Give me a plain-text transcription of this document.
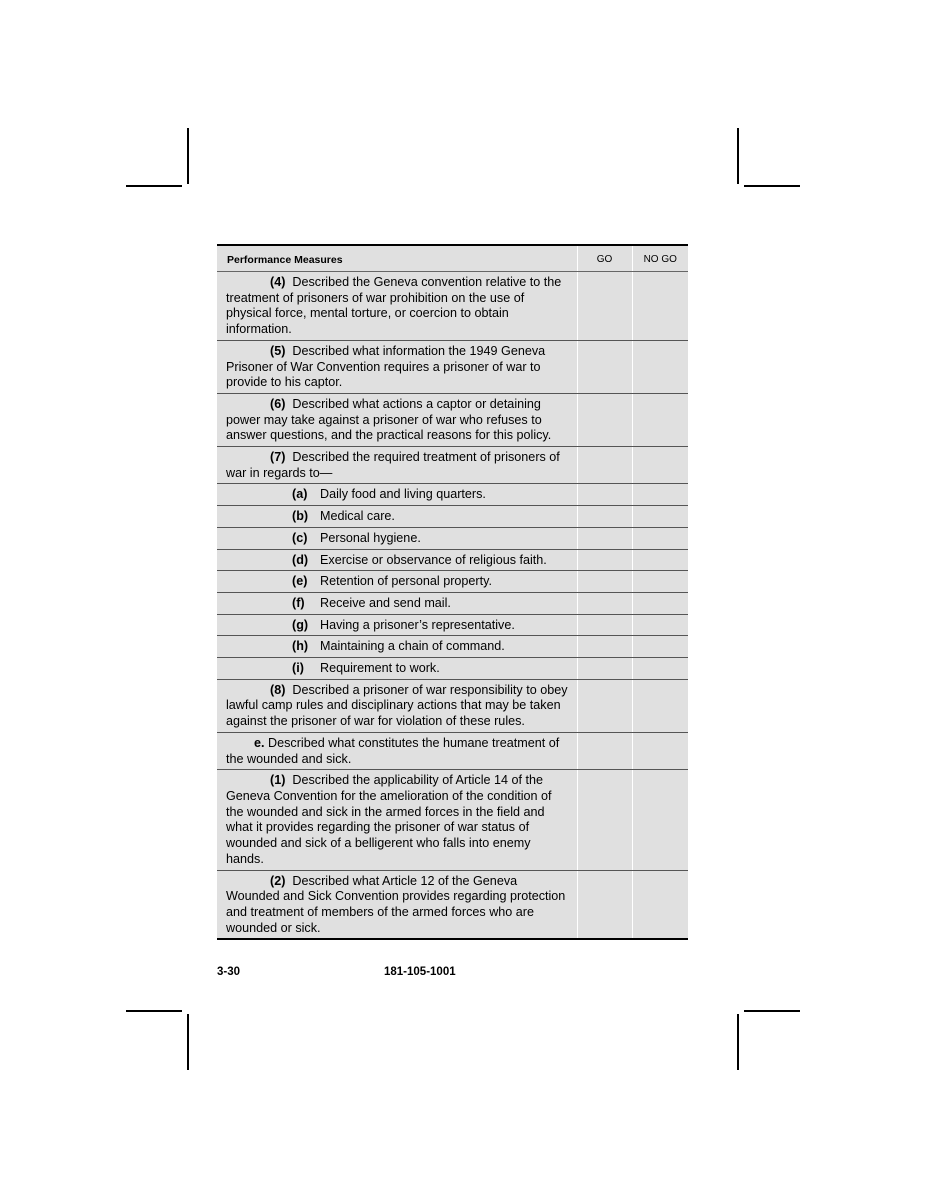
Performance Measures	GO	NO GO
(4) Described the Geneva convention relative to the treatment of prisoners of war prohibition on the use of physical force, mental torture, or coercion to obtain information.		
(5) Described what information the 1949 Geneva Prisoner of War Convention requires a prisoner of war to provide to his captor.		
(6) Described what actions a captor or detaining power may take against a prisoner of war who refuses to answer questions, and the practical reasons for this policy.		
(7) Described the required treatment of prisoners of war in regards to—		
(a) Daily food and living quarters.		
(b) Medical care.		
(c) Personal hygiene.		
(d) Exercise or observance of religious faith.		
(e) Retention of personal property.		
(f) Receive and send mail.		
(g) Having a prisoner’s representative.		
(h) Maintaining a chain of command.		
(i) Requirement to work.		
(8) Described a prisoner of war responsibility to obey lawful camp rules and disciplinary actions that may be taken against the prisoner of war for violation of these rules.		
e. Described what constitutes the humane treatment of the wounded and sick.		
(1) Described the applicability of Article 14 of the Geneva Convention for the amelioration of the condition of the wounded and sick in the armed forces in the field and what it provides regarding the prisoner of war status of wounded and sick of a belligerent who falls into enemy hands.		
(2) Described what Article 12 of the Geneva Wounded and Sick Convention provides regarding protection and treatment of members of the armed forces who are wounded or sick.		
3-30	181-105-1001
